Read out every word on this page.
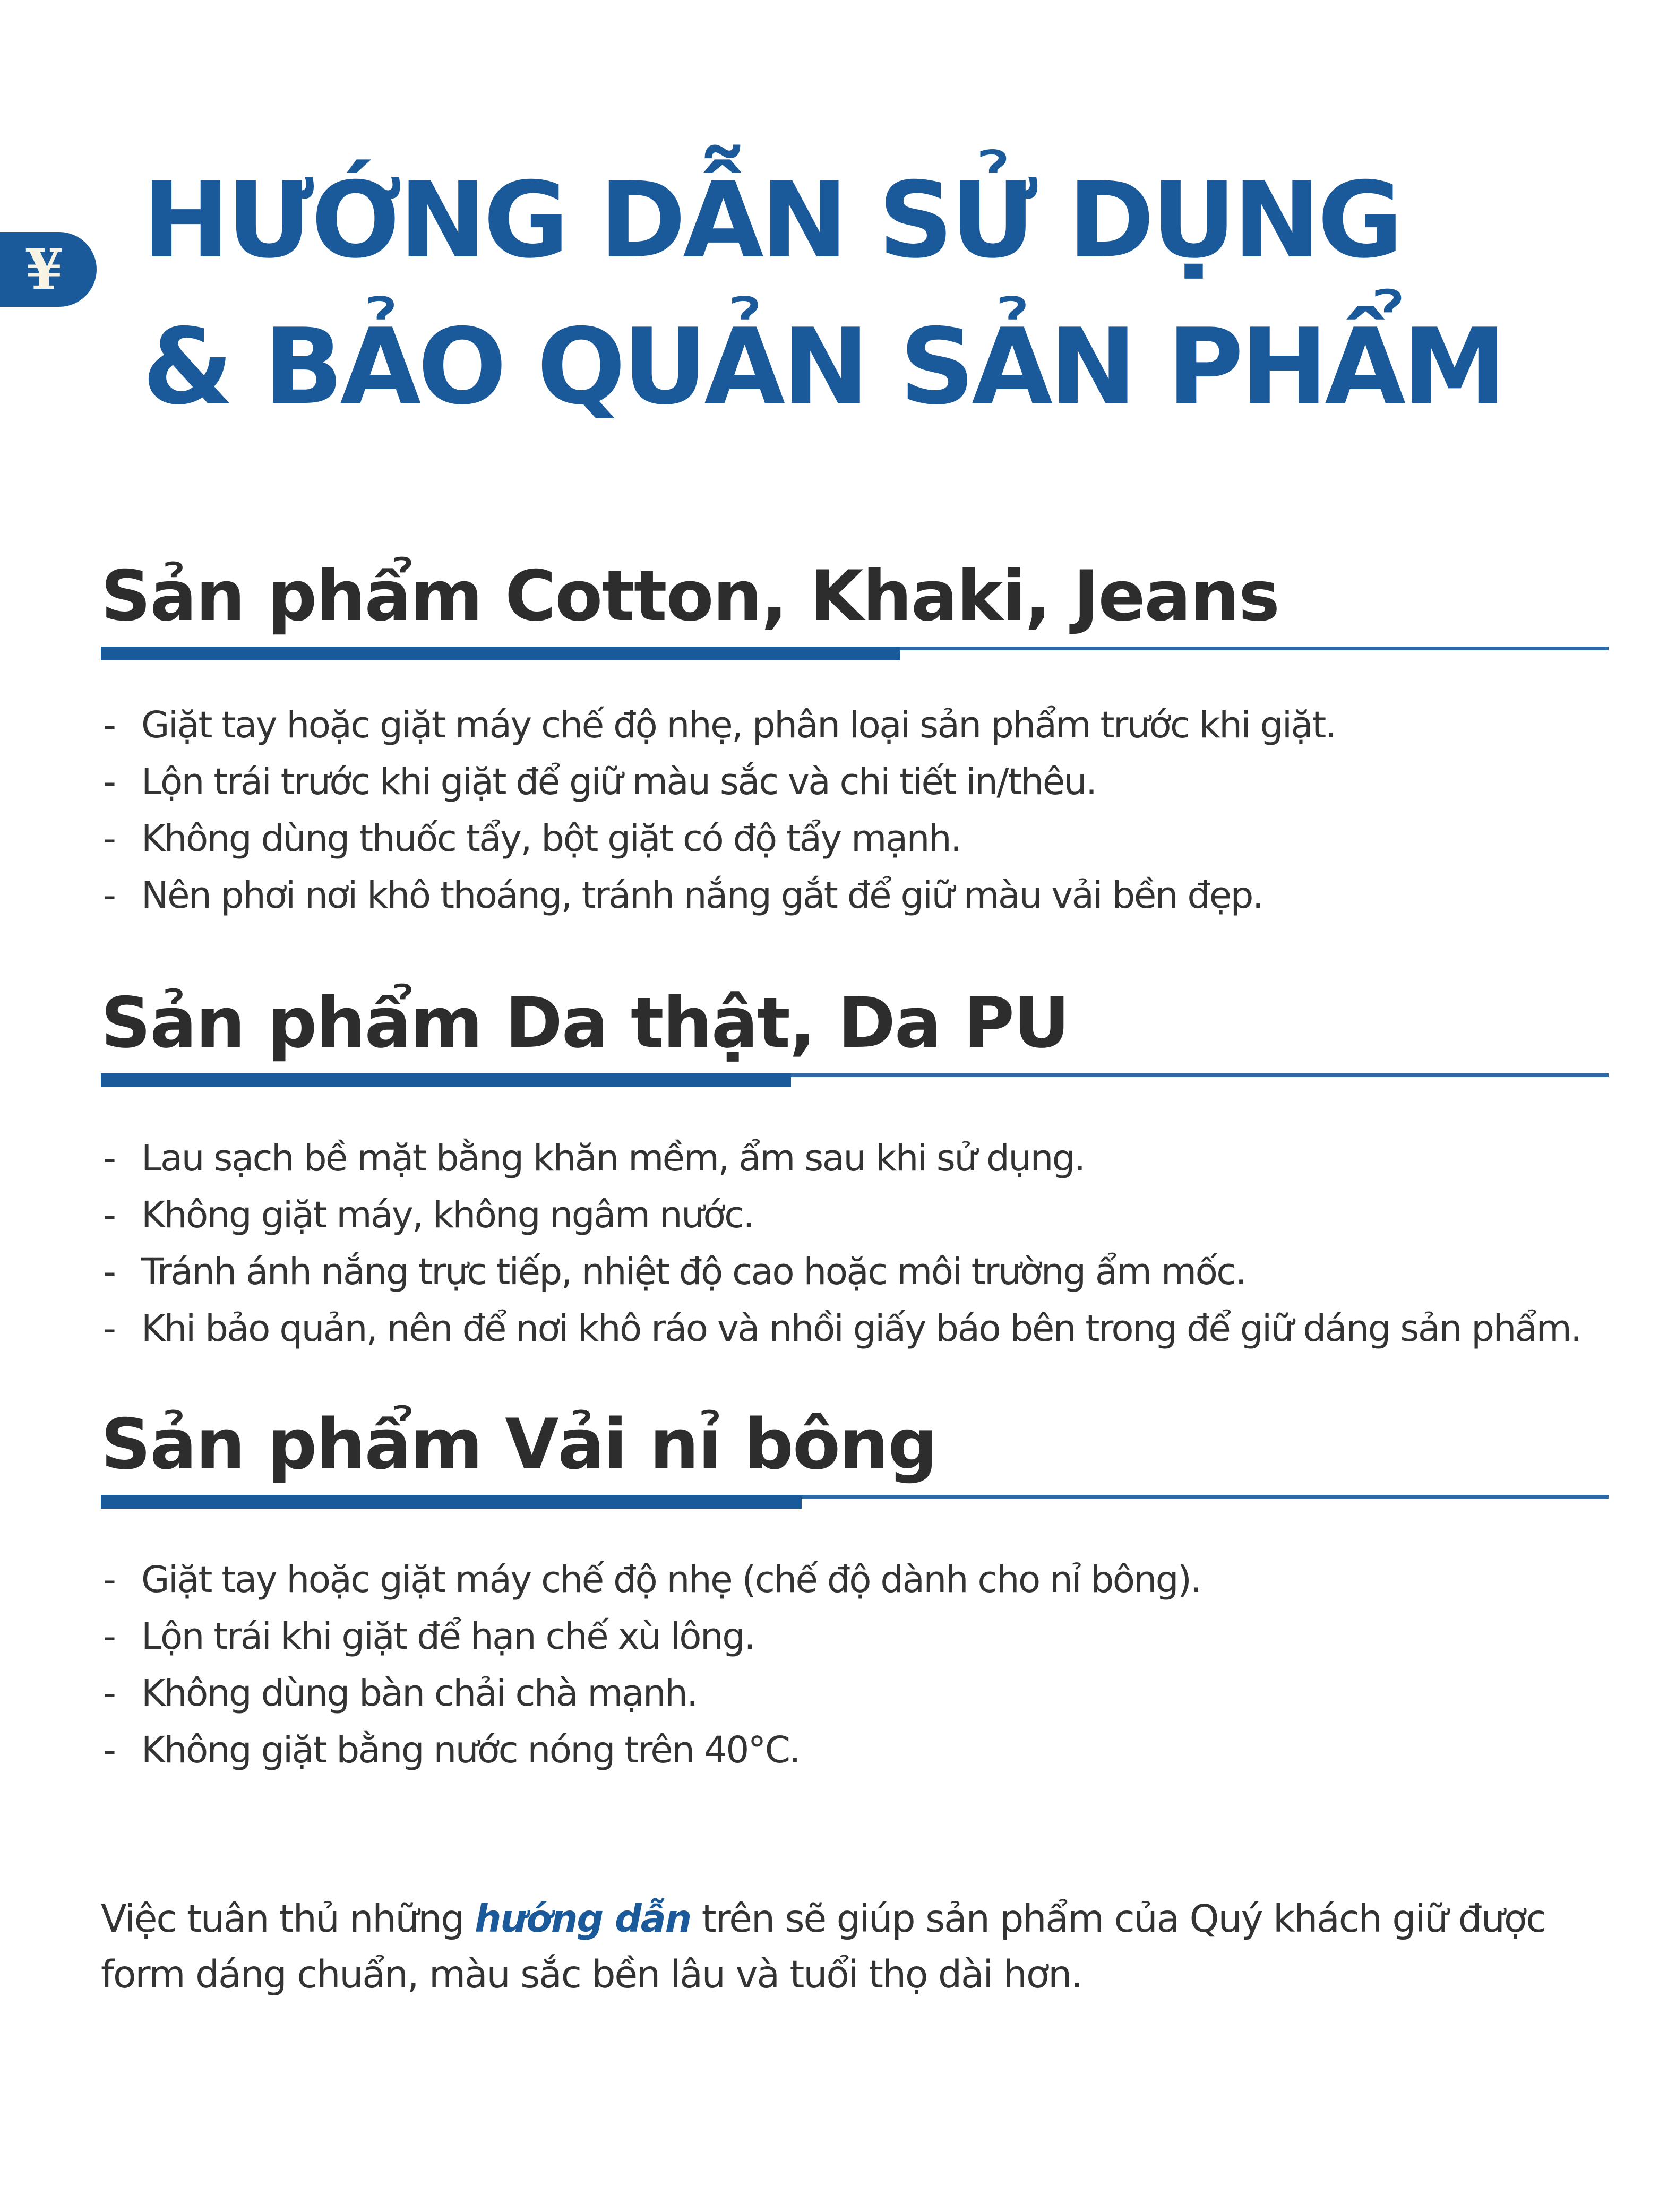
¥ HƯỚNG DẪN SỬ DỤNG
& BẢO QUẢN SẢN PHẨM
Sản phẩm Cotton, Khaki, Jeans
- Giặt tay hoặc giặt máy chế độ nhẹ, phân loại sản phẩm trước khi giặt.
- Lộn trái trước khi giặt để giữ màu sắc và chi tiết in/thêu.
- Không dùng thuốc tẩy, bột giặt có độ tẩy mạnh.
- Nên phơi nơi khô thoáng, tránh nắng gắt để giữ màu vải bền đẹp.
Sản phẩm Da thật, Da PU
- Lau sạch bề mặt bằng khăn mềm, ẩm sau khi sử dụng.
- Không giặt máy, không ngâm nước.
- Tránh ánh nắng trực tiếp, nhiệt độ cao hoặc môi trường ẩm mốc.
- Khi bảo quản, nên để nơi khô ráo và nhồi giấy báo bên trong để giữ dáng sản phẩm.
Sản phẩm Vải nỉ bông
- Giặt tay hoặc giặt máy chế độ nhẹ (chế độ dành cho nỉ bông).
- Lộn trái khi giặt để hạn chế xù lông.
- Không dùng bàn chải chà mạnh.
- Không giặt bằng nước nóng trên 40°C.
Việc tuân thủ những hướng dẫn trên sẽ giúp sản phẩm của Quý khách giữ được form dáng chuẩn, màu sắc bền lâu và tuổi thọ dài hơn.
